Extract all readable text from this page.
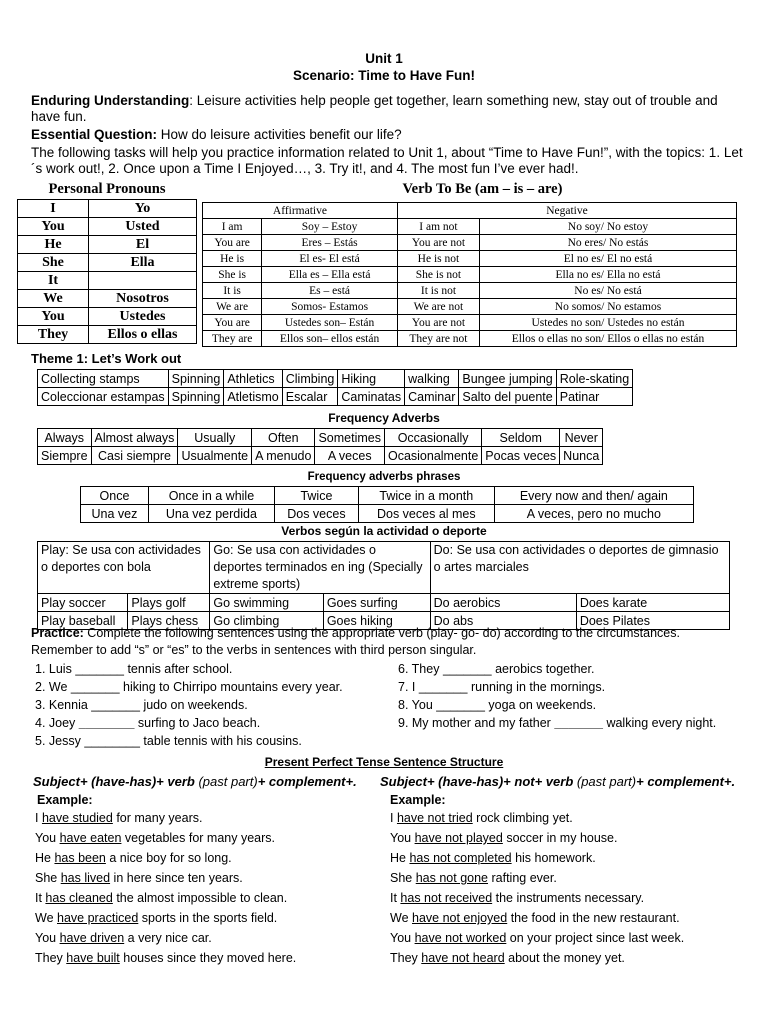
Unit 1
Scenario: Time to Have Fun!
Enduring Understanding: Leisure activities help people get together, learn something new, stay out of trouble and have fun.
Essential Question: How do leisure activities benefit our life?
The following tasks will help you practice information related to Unit 1, about “Time to Have Fun!”, with the topics: 1. Let´s work out!, 2. Once upon a Time I Enjoyed…, 3. Try it!, and 4. The most fun I’ve ever had!.
Personal Pronouns
I	Yo
You	Usted
He	El
She	Ella
It	
We	Nosotros
You	Ustedes
They	Ellos o ellas
Verb To Be (am – is – are)
Affirmative		Negative	
I am	Soy – Estoy	I am not	No soy/ No estoy
You are	Eres – Estás	You are not	No eres/ No estás
He is	El es- El está	He is not	El no es/ El no está
She is	Ella es – Ella está	She is not	Ella no es/ Ella no está
It is	Es – está	It is not	No es/ No está
We are	Somos- Estamos	We are not	No somos/ No estamos
You are	Ustedes son– Están	You are not	Ustedes no son/ Ustedes no están
They are	Ellos son– ellos están	They are not	Ellos o ellas no son/ Ellos o ellas no están
Theme 1: Let’s Work out
Collecting stamps	Spinning	Athletics	Climbing	Hiking	walking	Bungee jumping	Role-skating
Coleccionar estampas	Spinning	Atletismo	Escalar	Caminatas	Caminar	Salto del puente	Patinar
Frequency Adverbs
Always	Almost always	Usually	Often	Sometimes	Occasionally	Seldom	Never
Siempre	Casi siempre	Usualmente	A menudo	A veces	Ocasionalmente	Pocas veces	Nunca
Frequency adverbs phrases
Once	Once in a while	Twice	Twice in a month	Every now and then/ again
Una vez	Una vez perdida	Dos veces	Dos veces al mes	A veces, pero no mucho
Verbos según la actividad o deporte
Play: Se usa con actividades o deportes con bola		Go: Se usa con actividades o deportes terminados en ing (Specially extreme sports)		Do: Se usa con actividades o deportes de gimnasio o artes marciales	
Play soccer	Plays golf	Go swimming	Goes surfing	Do aerobics	Does karate
Play baseball	Plays chess	Go climbing	Goes hiking	Do abs	Does Pilates
Practice: Complete the following sentences using the appropriate verb (play- go- do) according to the circumstances.
Remember to add “s” or “es” to the verbs in sentences with third person singular.
1. Luis _______ tennis after school.
2. We _______ hiking to Chirripo mountains every year.
3. Kennia _______ judo on weekends.
4. Joey ________ surfing to Jaco beach.
5. Jessy ________ table tennis with his cousins.
6. They _______ aerobics together.
7. I _______ running in the mornings.
8. You _______ yoga on weekends.
9. My mother and my father _______ walking every night.
Present Perfect Tense Sentence Structure
Subject+ (have-has)+ verb (past part)+ complement+. Subject+ (have-has)+ not+ verb (past part)+ complement+.
Example:	Example:
I have studied for many years.
You have eaten vegetables for many years.
He has been a nice boy for so long.
She has lived in here since ten years.
It has cleaned the almost impossible to clean.
We have practiced sports in the sports field.
You have driven a very nice car.
They have built houses since they moved here.
I have not tried rock climbing yet.
You have not played soccer in my house.
He has not completed his homework.
She has not gone rafting ever.
It has not received the instruments necessary.
We have not enjoyed the food in the new restaurant.
You have not worked on your project since last week.
They have not heard about the money yet.
